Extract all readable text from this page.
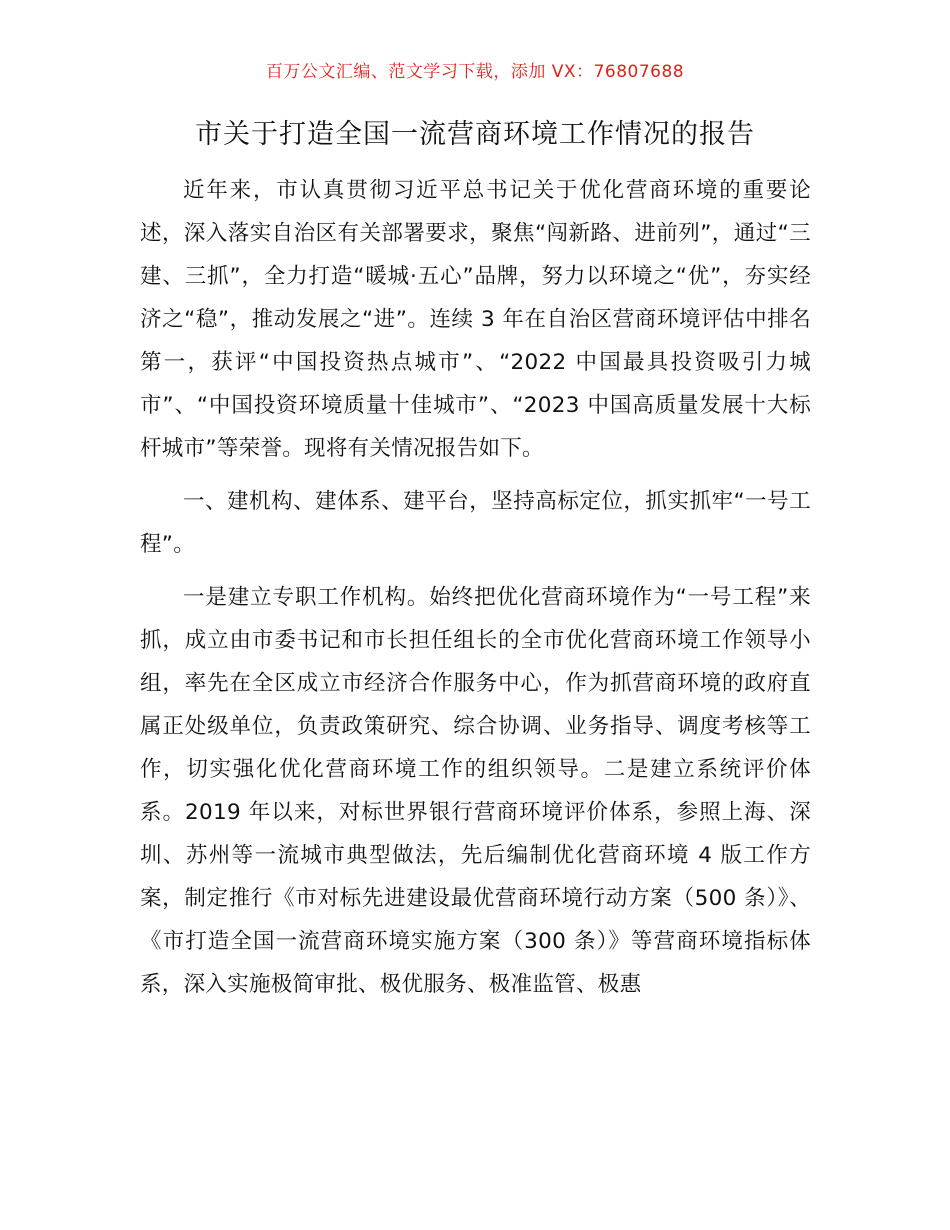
百万公文汇编、范文学习下载，添加 VX：76807688
市关于打造全国一流营商环境工作情况的报告

近年来，市认真贯彻习近平总书记关于优化营商环境的重要论述，深入落实自治区有关部署要求，聚焦“闯新路、进前列”，通过“三建、三抓”，全力打造“暖城·五心”品牌，努力以环境之“优”，夯实经济之“稳”，推动发展之“进”。连续 3 年在自治区营商环境评估中排名第一，获评“中国投资热点城市”、“2022 中国最具投资吸引力城市”、“中国投资环境质量十佳城市”、“2023 中国高质量发展十大标杆城市”等荣誉。现将有关情况报告如下。

一、建机构、建体系、建平台，坚持高标定位，抓实抓牢“一号工程”。

一是建立专职工作机构。始终把优化营商环境作为“一号工程”来抓，成立由市委书记和市长担任组长的全市优化营商环境工作领导小组，率先在全区成立市经济合作服务中心，作为抓营商环境的政府直属正处级单位，负责政策研究、综合协调、业务指导、调度考核等工作，切实强化优化营商环境工作的组织领导。二是建立系统评价体系。2019 年以来，对标世界银行营商环境评价体系，参照上海、深圳、苏州等一流城市典型做法，先后编制优化营商环境 4 版工作方案，制定推行《市对标先进建设最优营商环境行动方案（500 条）》、《市打造全国一流营商环境实施方案（300 条）》等营商环境指标体系，深入实施极简审批、极优服务、极准监管、极惠
